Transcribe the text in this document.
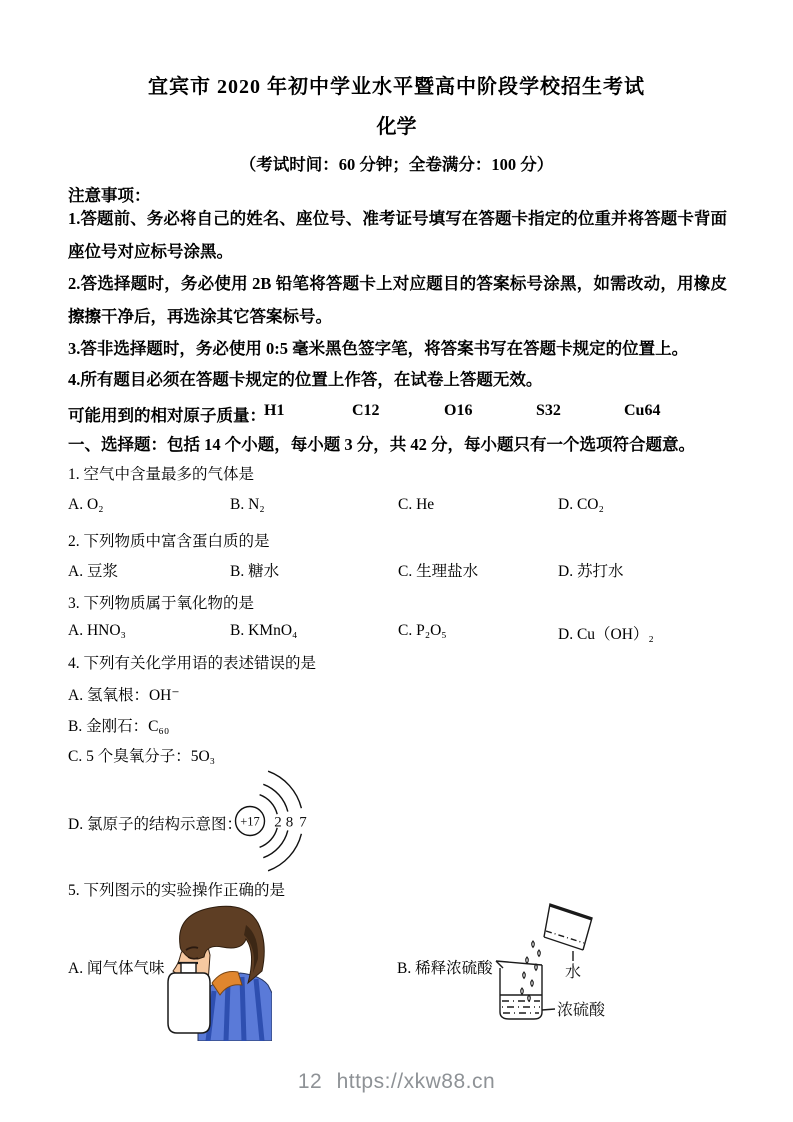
宜宾市 2020 年初中学业水平暨高中阶段学校招生考试
化学
（考试时间：60 分钟；全卷满分：100 分）
注意事项：
1.答题前、务必将自己的姓名、座位号、准考证号填写在答题卡指定的位重并将答题卡背面座位号对应标号涂黑。
2.答选择题时，务必使用 2B 铅笔将答题卡上对应题目的答案标号涂黑，如需改动，用橡皮擦擦干净后，再选涂其它答案标号。
3.答非选择题时，务必使用 0:5 毫米黑色签字笔，将答案书写在答题卡规定的位置上。
4.所有题目必须在答题卡规定的位置上作答，在试卷上答题无效。
可能用到的相对原子质量：
H1	C12	O16	S32	Cu64
一、选择题：包括 14 个小题，每小题 3 分，共 42 分，每小题只有一个选项符合题意。
1. 空气中含量最多的气体是
A. O₂	B. N₂	C. He	D. CO₂
2. 下列物质中富含蛋白质的是
A. 豆浆	B. 糖水	C. 生理盐水	D. 苏打水
3. 下列物质属于氧化物的是
A. HNO₃	B. KMnO₄	C. P₂O₅	D. Cu（OH）₂
4. 下列有关化学用语的表述错误的是
A. 氢氧根：OH⁻
B. 金刚石：C₆₀
C. 5 个臭氧分子：5O₃
D. 氯原子的结构示意图：
+17 2 8 7
5. 下列图示的实验操作正确的是
A. 闻气体气味	B. 稀释浓硫酸	水
浓硫酸
12 https://xkw88.cn
